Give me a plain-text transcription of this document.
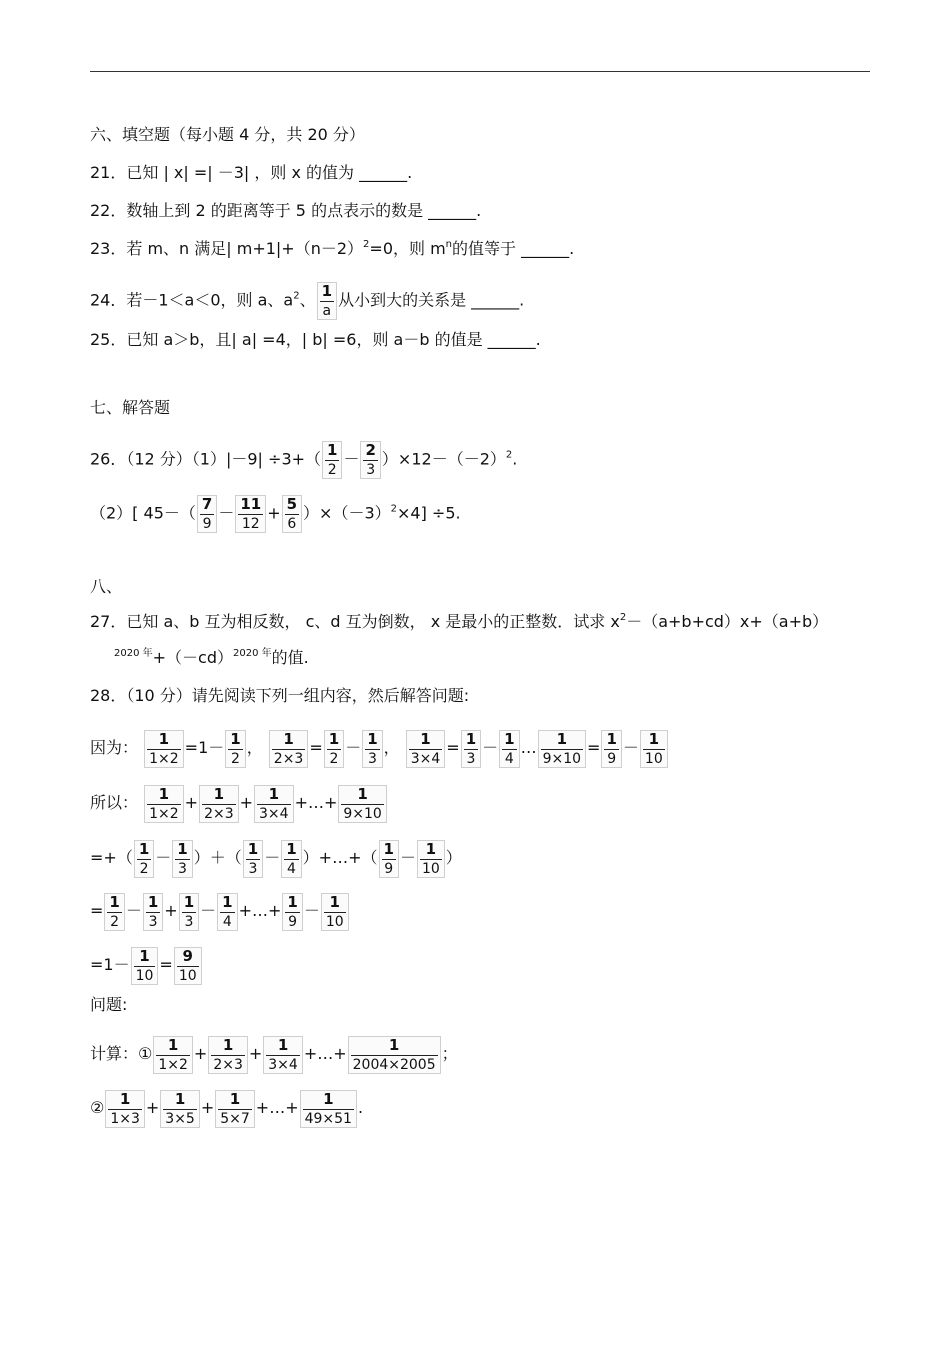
六、填空题（每小题 4 分，共 20 分）
21．已知 | x| =| －3| ，则 x 的值为 ______.
22．数轴上到 2 的距离等于 5 的点表示的数是 ______.
23．若 m、n 满足| $m+1|+(n-2)^2=0$，则 $m^n$的值等于 ______.
24．若－1＜a＜0，则 a、$a^2$、 $\frac{1}{a}$ 从小到大的关系是 ______.
25．已知 a＞b，且| a| =4，| b| =6，则 a－b 的值是 ______.
七、解答题
26．（12 分）$(1)|-9| \div 3+( \frac{1}{2} - \frac{2}{3} )\times 12-(-2)^2$.
（2）[ $45-( \frac{7}{9} - \frac{11}{12} + \frac{5}{6} )\times(-3)^2\times 4] \div 5$.
八、
27．已知 a、b 互为相反数， c、d 互为倒数， x 是最小的正整数．试求 $x^2-(a+b+cd)x+(a+b)$
$^{2020 年}+(-cd)^{2020 年}$的值.
28．（10 分）请先阅读下列一组内容，然后解答问题:
因为： $\frac{1}{1\times 2} =1- \frac{1}{2}$ ， $\frac{1}{2\times 3} = \frac{1}{2} - \frac{1}{3}$ ， $\frac{1}{3\times 4} = \frac{1}{3} - \frac{1}{4}$ … $\frac{1}{9\times 10} = \frac{1}{9} - \frac{1}{10}$
所以： $\frac{1}{1\times 2} + \frac{1}{2\times 3} + \frac{1}{3\times 4}$ +…+ $\frac{1}{9\times 10}$
=+（ $\frac{1}{2} - \frac{1}{3}$ ）＋（ $\frac{1}{3} - \frac{1}{4}$ ）+…+（ $\frac{1}{9} - \frac{1}{10}$ ）
= $\frac{1}{2} - \frac{1}{3} + \frac{1}{3} - \frac{1}{4}$ +…+ $\frac{1}{9} - \frac{1}{10}$
$=1- \frac{1}{10} = \frac{9}{10}$
问题:
计算：① $\frac{1}{1\times 2} + \frac{1}{2\times 3} + \frac{1}{3\times 4}$ +…+ $\frac{1}{2004\times 2005}$ ；
② $\frac{1}{1\times 3} + \frac{1}{3\times 5} + \frac{1}{5\times 7}$ +…+ $\frac{1}{49\times 51}$ .
